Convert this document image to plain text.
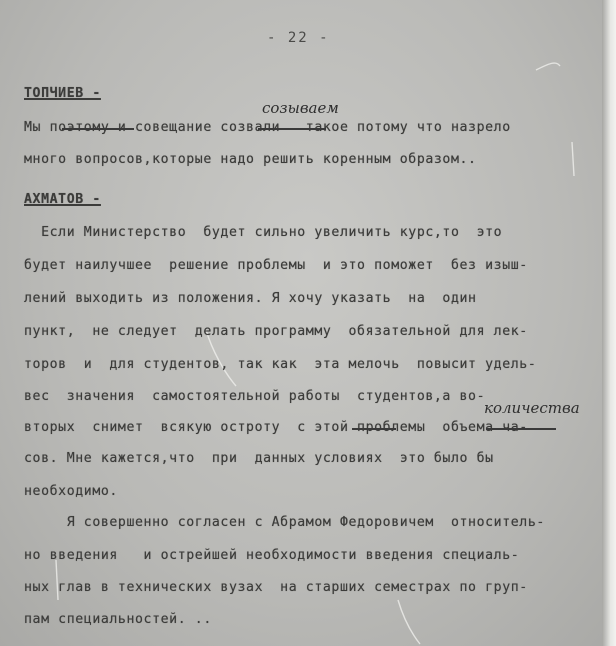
- 22 -
ТОПЧИЕВ -
созываем
Мы поэтому и совещание созвали   такое потому что назрело
много вопросов,которые надо решить коренным образом..
АХМАТОВ -
Если Министерство  будет сильно увеличить курс,то  это
будет наилучшее  решение проблемы  и это поможет  без изыш-
лений выходить из положения. Я хочу указать  на  один
пункт,  не следует  делать программу  обязательной для лек-
торов  и  для студентов, так как  эта мелочь  повысит удель-
вес  значения  самостоятельной работы  студентов,а во-
количества
вторых  снимет  всякую остроту  с этой проблемы  объема ча-
сов. Мне кажется,что  при  данных условиях  это было бы
необходимо.
Я совершенно согласен с Абрамом Федоровичем  относитель-
но введения   и острейшей необходимости введения специаль-
ных глав в технических вузах  на старших семестрах по груп-
пам специальностей. ..
